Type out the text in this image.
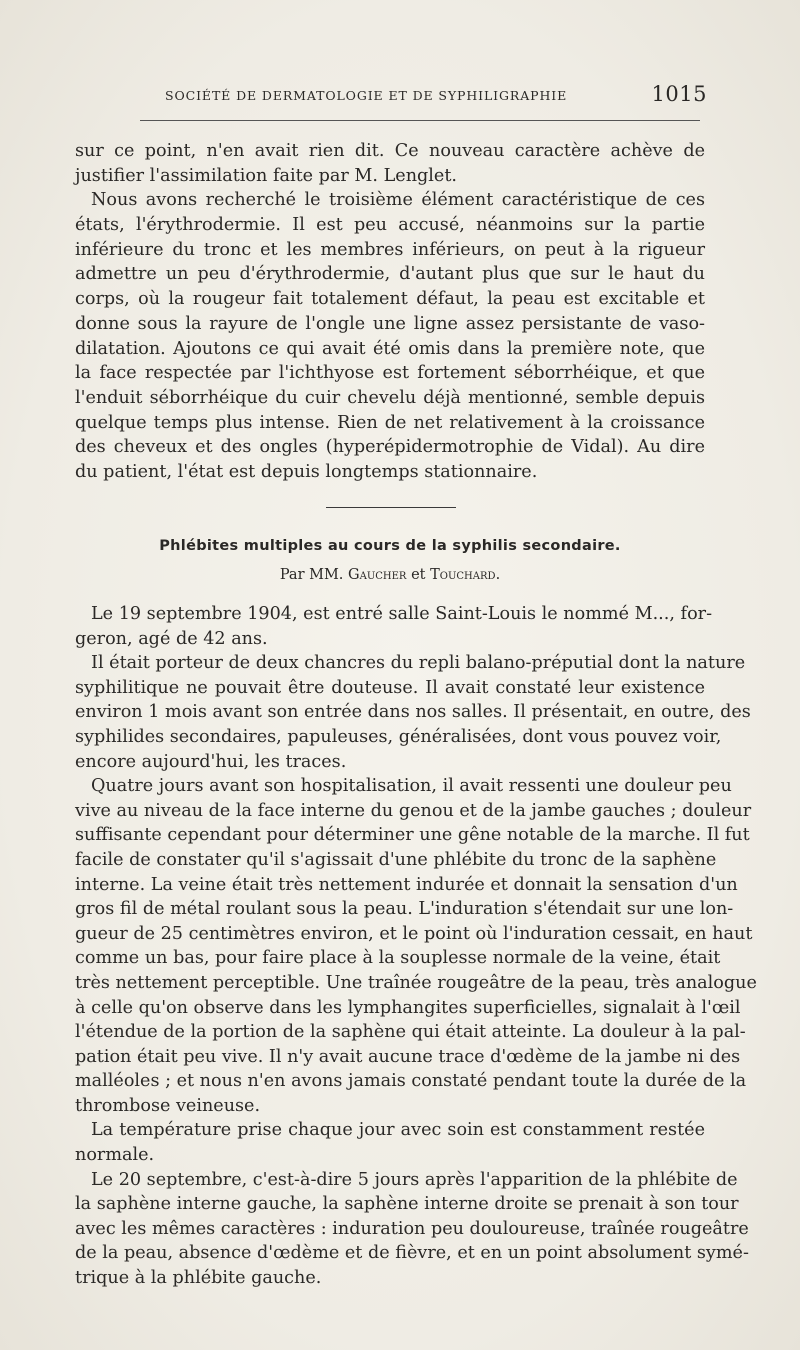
SOCIÉTÉ DE DERMATOLOGIE ET DE SYPHILIGRAPHIE	1015
sur ce point, n'en avait rien dit. Ce nouveau caractère achève de
justifier l'assimilation faite par M. Lenglet.
Nous avons recherché le troisième élément caractéristique de ces
états, l'érythrodermie. Il est peu accusé, néanmoins sur la partie
inférieure du tronc et les membres inférieurs, on peut à la rigueur
admettre un peu d'érythrodermie, d'autant plus que sur le haut du
corps, où la rougeur fait totalement défaut, la peau est excitable et
donne sous la rayure de l'ongle une ligne assez persistante de vaso-
dilatation. Ajoutons ce qui avait été omis dans la première note, que
la face respectée par l'ichthyose est fortement séborrhéique, et que
l'enduit séborrhéique du cuir chevelu déjà mentionné, semble depuis
quelque temps plus intense. Rien de net relativement à la croissance
des cheveux et des ongles (hyperépidermotrophie de Vidal). Au dire
du patient, l'état est depuis longtemps stationnaire.
Phlébites multiples au cours de la syphilis secondaire.
Par MM. Gaucher et Touchard.
Le 19 septembre 1904, est entré salle Saint-Louis le nommé M..., for-
geron, agé de 42 ans.
Il était porteur de deux chancres du repli balano-préputial dont la nature
syphilitique ne pouvait être douteuse. Il avait constaté leur existence
environ 1 mois avant son entrée dans nos salles. Il présentait, en outre, des
syphilides secondaires, papuleuses, généralisées, dont vous pouvez voir,
encore aujourd'hui, les traces.
Quatre jours avant son hospitalisation, il avait ressenti une douleur peu
vive au niveau de la face interne du genou et de la jambe gauches ; douleur
suffisante cependant pour déterminer une gêne notable de la marche. Il fut
facile de constater qu'il s'agissait d'une phlébite du tronc de la saphène
interne. La veine était très nettement indurée et donnait la sensation d'un
gros fil de métal roulant sous la peau. L'induration s'étendait sur une lon-
gueur de 25 centimètres environ, et le point où l'induration cessait, en haut
comme un bas, pour faire place à la souplesse normale de la veine, était
très nettement perceptible. Une traînée rougeâtre de la peau, très analogue
à celle qu'on observe dans les lymphangites superficielles, signalait à l'œil
l'étendue de la portion de la saphène qui était atteinte. La douleur à la pal-
pation était peu vive. Il n'y avait aucune trace d'œdème de la jambe ni des
malléoles ; et nous n'en avons jamais constaté pendant toute la durée de la
thrombose veineuse.
La température prise chaque jour avec soin est constamment restée
normale.
Le 20 septembre, c'est-à-dire 5 jours après l'apparition de la phlébite de
la saphène interne gauche, la saphène interne droite se prenait à son tour
avec les mêmes caractères : induration peu douloureuse, traînée rougeâtre
de la peau, absence d'œdème et de fièvre, et en un point absolument symé-
trique à la phlébite gauche.
